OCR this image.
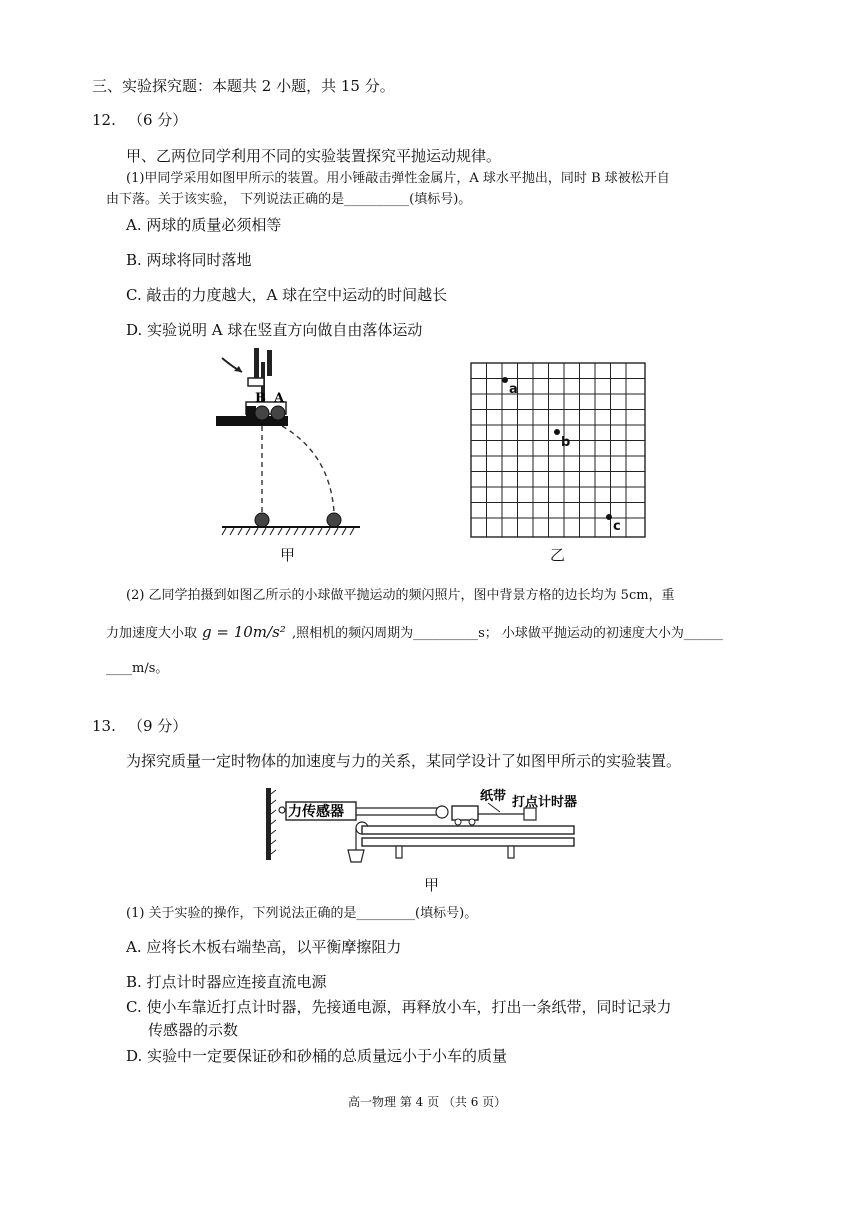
三、实验探究题：本题共 2 小题，共 15 分。
12. （6 分）
甲、乙两位同学利用不同的实验装置探究平抛运动规律。
(1)甲同学采用如图甲所示的装置。用小锤敲击弹性金属片，A 球水平抛出，同时 B 球被松开自
由下落。关于该实验， 下列说法正确的是__________(填标号)。
A. 两球的质量必须相等
B. 两球将同时落地
C. 敲击的力度越大，A 球在空中运动的时间越长
D. 实验说明 A 球在竖直方向做自由落体运动
B A
甲
a
b
c
乙
(2) 乙同学拍摄到如图乙所示的小球做平抛运动的频闪照片，图中背景方格的边长均为 5cm，重
力加速度大小取 g = 10m/s² ,照相机的频闪周期为__________s； 小球做平抛运动的初速度大小为______
____m/s。
13. （9 分）
为探究质量一定时物体的加速度与力的关系，某同学设计了如图甲所示的实验装置。
力传感器
纸带 打点计时器
甲
(1) 关于实验的操作，下列说法正确的是_________(填标号)。
A. 应将长木板右端垫高，以平衡摩擦阻力
B. 打点计时器应连接直流电源
C. 使小车靠近打点计时器，先接通电源，再释放小车，打出一条纸带，同时记录力
传感器的示数
D. 实验中一定要保证砂和砂桶的总质量远小于小车的质量
高一物理 第 4 页 （共 6 页）
